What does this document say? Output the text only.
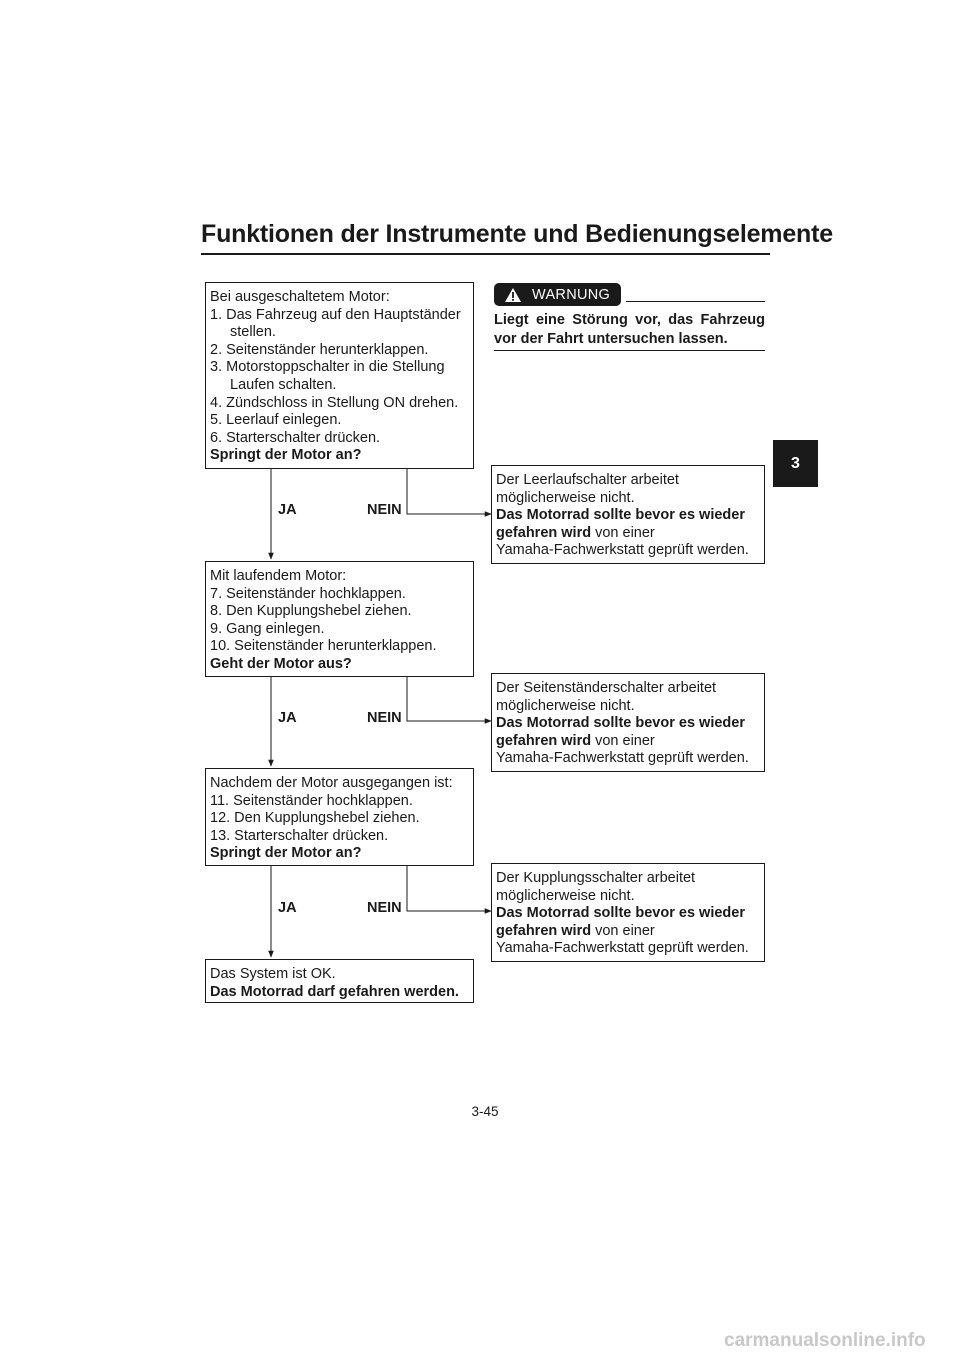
Funktionen der Instrumente und Bedienungselemente
3
WARNUNG
Liegt eine Störung vor, das Fahrzeug
vor der Fahrt untersuchen lassen.
Bei ausgeschaltetem Motor:
1. Das Fahrzeug auf den Hauptständer
stellen.
2. Seitenständer herunterklappen.
3. Motorstoppschalter in die Stellung
Laufen schalten.
4. Zündschloss in Stellung ON drehen.
5. Leerlauf einlegen.
6. Starterschalter drücken.
Springt der Motor an?
JA	NEIN
Der Leerlaufschalter arbeitet
möglicherweise nicht.
Das Motorrad sollte bevor es wieder
gefahren wird von einer
Yamaha-Fachwerkstatt geprüft werden.
Mit laufendem Motor:
7. Seitenständer hochklappen.
8. Den Kupplungshebel ziehen.
9. Gang einlegen.
10. Seitenständer herunterklappen.
Geht der Motor aus?
JA	NEIN
Der Seitenständerschalter arbeitet
möglicherweise nicht.
Das Motorrad sollte bevor es wieder
gefahren wird von einer
Yamaha-Fachwerkstatt geprüft werden.
Nachdem der Motor ausgegangen ist:
11. Seitenständer hochklappen.
12. Den Kupplungshebel ziehen.
13. Starterschalter drücken.
Springt der Motor an?
JA	NEIN
Der Kupplungsschalter arbeitet
möglicherweise nicht.
Das Motorrad sollte bevor es wieder
gefahren wird von einer
Yamaha-Fachwerkstatt geprüft werden.
Das System ist OK.
Das Motorrad darf gefahren werden.
3-45
carmanualsonline.info
